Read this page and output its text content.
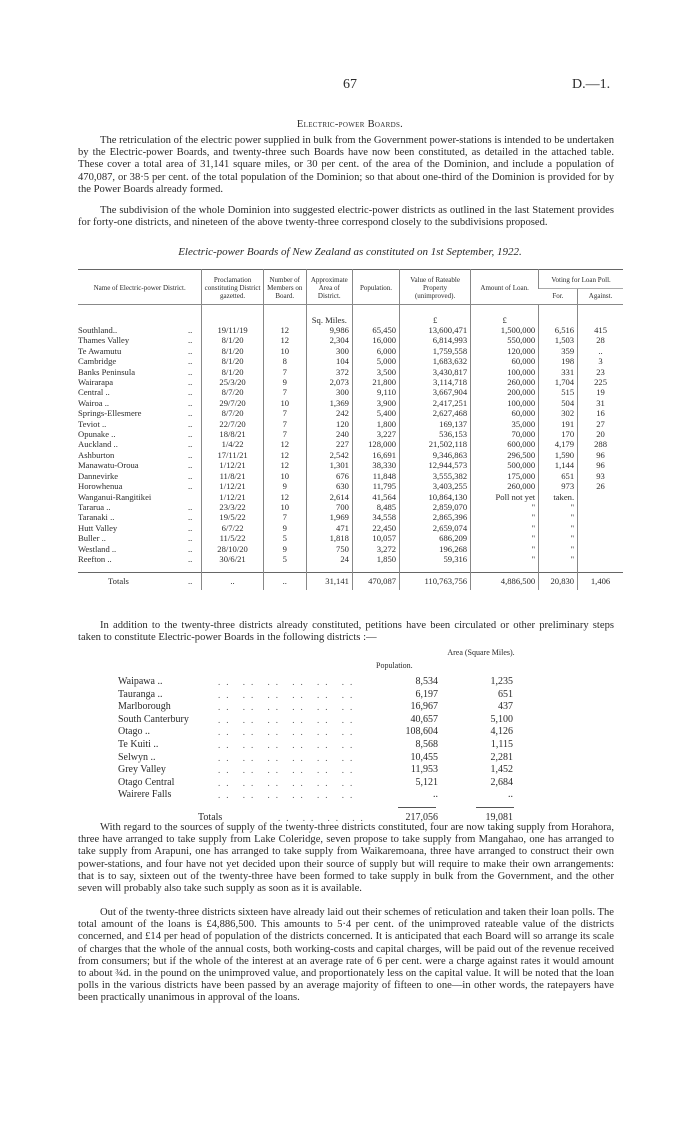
67	D.—1.
Electric-power Boards.
The retriculation of the electric power supplied in bulk from the Government power-stations is intended to be undertaken by the Electric-power Boards, and twenty-three such Boards have now been constituted, as detailed in the attached table. These cover a total area of 31,141 square miles, or 30 per cent. of the area of the Dominion, and include a population of 470,087, or 38·5 per cent. of the total population of the Dominion; so that about one-third of the Dominion is provided for by the Power Boards already formed.
The subdivision of the whole Dominion into suggested electric-power districts as outlined in the last Statement provides for forty-one districts, and nineteen of the above twenty-three correspond closely to the subdivisions proposed.
Electric-power Boards of New Zealand as constituted on 1st September, 1922.
Name of Electric-power District.	Proclamation constituting District gazetted.	Number of Members on Board.	Approximate Area of District.	Population.	Value of Rateable Property (unimproved).	Amount of Loan.	Voting for Loan Poll.	
							For.	Against.
			Sq. Miles.		£	£		
Southland.. ..	19/11/19	12	9,986	65,450	13,600,471	1,500,000	6,516	415
Thames Valley ..	8/1/20	12	2,304	16,000	6,814,993	550,000	1,503	28
Te Awamutu ..	8/1/20	10	300	6,000	1,759,558	120,000	359	..
Cambridge ..	8/1/20	8	104	5,000	1,683,632	60,000	198	3
Banks Peninsula ..	8/1/20	7	372	3,500	3,430,817	100,000	331	23
Wairarapa ..	25/3/20	9	2,073	21,800	3,114,718	260,000	1,704	225
Central .. ..	8/7/20	7	300	9,110	3,667,904	200,000	515	19
Wairoa .. ..	29/7/20	10	1,369	3,900	2,417,251	100,000	504	31
Springs-Ellesmere ..	8/7/20	7	242	5,400	2,627,468	60,000	302	16
Teviot .. ..	22/7/20	7	120	1,800	169,137	35,000	191	27
Opunake .. ..	18/8/21	7	240	3,227	536,153	70,000	170	20
Auckland .. ..	1/4/22	12	227	128,000	21,502,118	600,000	4,179	288
Ashburton ..	17/11/21	12	2,542	16,691	9,346,863	296,500	1,590	96
Manawatu-Oroua ..	1/12/21	12	1,301	38,330	12,944,573	500,000	1,144	96
Dannevirke ..	11/8/21	10	676	11,848	3,555,382	175,000	651	93
Horowhenua ..	1/12/21	9	630	11,795	3,403,255	260,000	973	26
Wanganui-Rangitikei	1/12/21	12	2,614	41,564	10,864,130	Poll not yet	taken.	
Tararua .. ..	23/3/22	10	700	8,485	2,859,070	"	"	
Taranaki .. ..	19/5/22	7	1,969	34,558	2,865,396	"	"	
Hutt Valley ..	6/7/22	9	471	22,450	2,659,074	"	"	
Buller .. ..	11/5/22	5	1,818	10,057	686,209	"	"	
Westland .. ..	28/10/20	9	750	3,272	196,268	"	"	
Reefton .. ..	30/6/21	5	24	1,850	59,316	"	"	

Totals ..	..	..	31,141	470,087	110,763,756	4,886,500	20,830	1,406
In addition to the twenty-three districts already constituted, petitions have been circulated or other preliminary steps taken to constitute Electric-power Boards in the following districts :—
Population.
Area (Square Miles).
Waipawa ..	.. .. .. .. .. ..	8,534	1,235
Tauranga ..	.. .. .. .. .. ..	6,197	651
Marlborough	.. .. .. .. .. ..	16,967	437
South Canterbury	.. .. .. .. .. ..	40,657	5,100
Otago ..	.. .. .. .. .. ..	108,604	4,126
Te Kuiti ..	.. .. .. .. .. ..	8,568	1,115
Selwyn ..	.. .. .. .. .. ..	10,455	2,281
Grey Valley	.. .. .. .. .. ..	11,953	1,452
Otago Central	.. .. .. .. .. ..	5,121	2,684
Wairere Falls	.. .. .. .. .. ..	..	..
Totals	.. .. .. ..	217,056	19,081
With regard to the sources of supply of the twenty-three districts constituted, four are now taking supply from Horahora, three have arranged to take supply from Lake Coleridge, seven propose to take supply from Mangahao, one has arranged to take supply from Arapuni, one has arranged to take supply from Waikaremoana, three have arranged to construct their own power-stations, and four have not yet decided upon their source of supply but will require to make their own arrangements: that is to say, sixteen out of the twenty-three have been formed to take supply in bulk from the Government, and the other seven will probably also take such supply as soon as it is available.
Out of the twenty-three districts sixteen have already laid out their schemes of reticulation and taken their loan polls. The total amount of the loans is £4,886,500. This amounts to 5·4 per cent. of the unimproved rateable value of the districts concerned, and £14 per head of population of the districts concerned. It is anticipated that each Board will so arrange its scale of charges that the whole of the annual costs, both working-costs and capital charges, will be paid out of the revenue received from consumers; but if the whole of the interest at an average rate of 6 per cent. were a charge against rates it would amount to about ¾d. in the pound on the unimproved value, and proportionately less on the capital value. It will be noted that the loan polls in the various districts have been passed by an average majority of fifteen to one—in other words, the ratepayers have been practically unanimous in approval of the loans.
